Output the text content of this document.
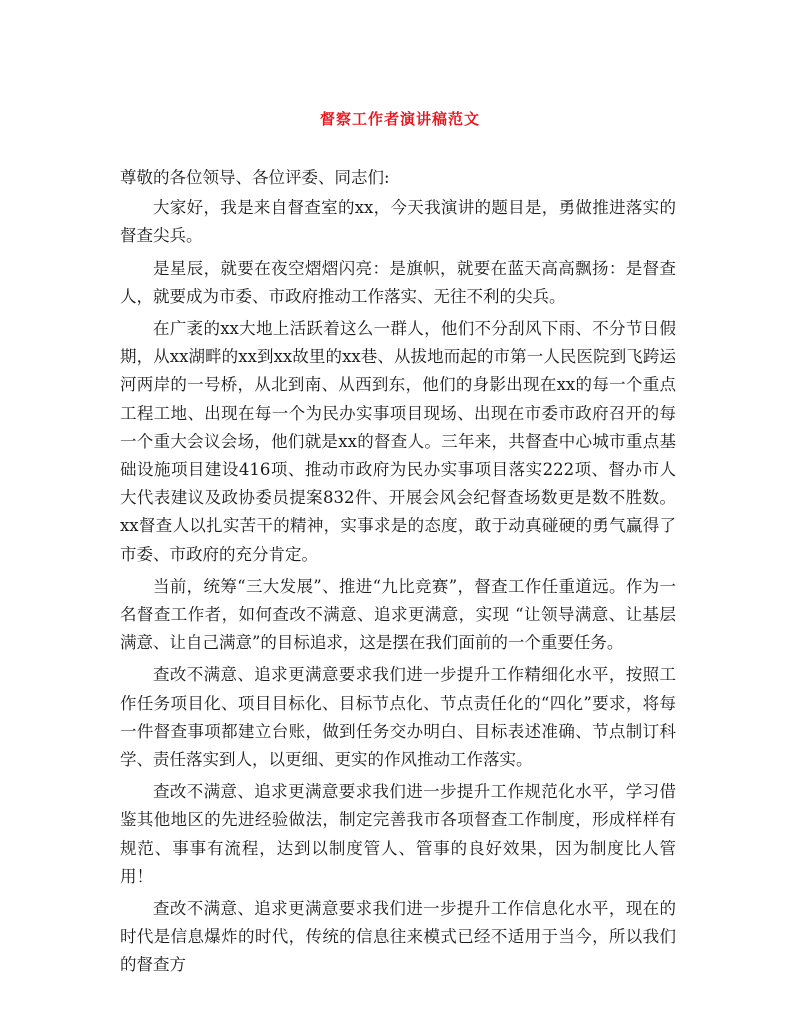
督察工作者演讲稿范文

尊敬的各位领导、各位评委、同志们:

大家好，我是来自督查室的xx，今天我演讲的题目是，勇做推进落实的督查尖兵。

是星辰，就要在夜空熠熠闪亮：是旗帜，就要在蓝天高高飘扬：是督查人，就要成为市委、市政府推动工作落实、无往不利的尖兵。

在广袤的xx大地上活跃着这么一群人，他们不分刮风下雨、不分节日假期，从xx湖畔的xx到xx故里的xx巷、从拔地而起的市第一人民医院到飞跨运河两岸的一号桥，从北到南、从西到东，他们的身影出现在xx的每一个重点工程工地、出现在每一个为民办实事项目现场、出现在市委市政府召开的每一个重大会议会场，他们就是xx的督查人。三年来，共督查中心城市重点基础设施项目建设416项、推动市政府为民办实事项目落实222项、督办市人大代表建议及政协委员提案832件、开展会风会纪督查场数更是数不胜数。xx督查人以扎实苦干的精神，实事求是的态度，敢于动真碰硬的勇气赢得了市委、市政府的充分肯定。

当前，统筹“三大发展”、推进“九比竞赛”，督查工作任重道远。作为一名督查工作者，如何查改不满意、追求更满意，实现 “让领导满意、让基层满意、让自己满意”的目标追求，这是摆在我们面前的一个重要任务。

查改不满意、追求更满意要求我们进一步提升工作精细化水平，按照工作任务项目化、项目目标化、目标节点化、节点责任化的“四化”要求，将每一件督查事项都建立台账，做到任务交办明白、目标表述准确、节点制订科学、责任落实到人，以更细、更实的作风推动工作落实。

查改不满意、追求更满意要求我们进一步提升工作规范化水平，学习借鉴其他地区的先进经验做法，制定完善我市各项督查工作制度，形成样样有规范、事事有流程，达到以制度管人、管事的良好效果，因为制度比人管用！

查改不满意、追求更满意要求我们进一步提升工作信息化水平，现在的时代是信息爆炸的时代，传统的信息往来模式已经不适用于当今，所以我们的督查方
